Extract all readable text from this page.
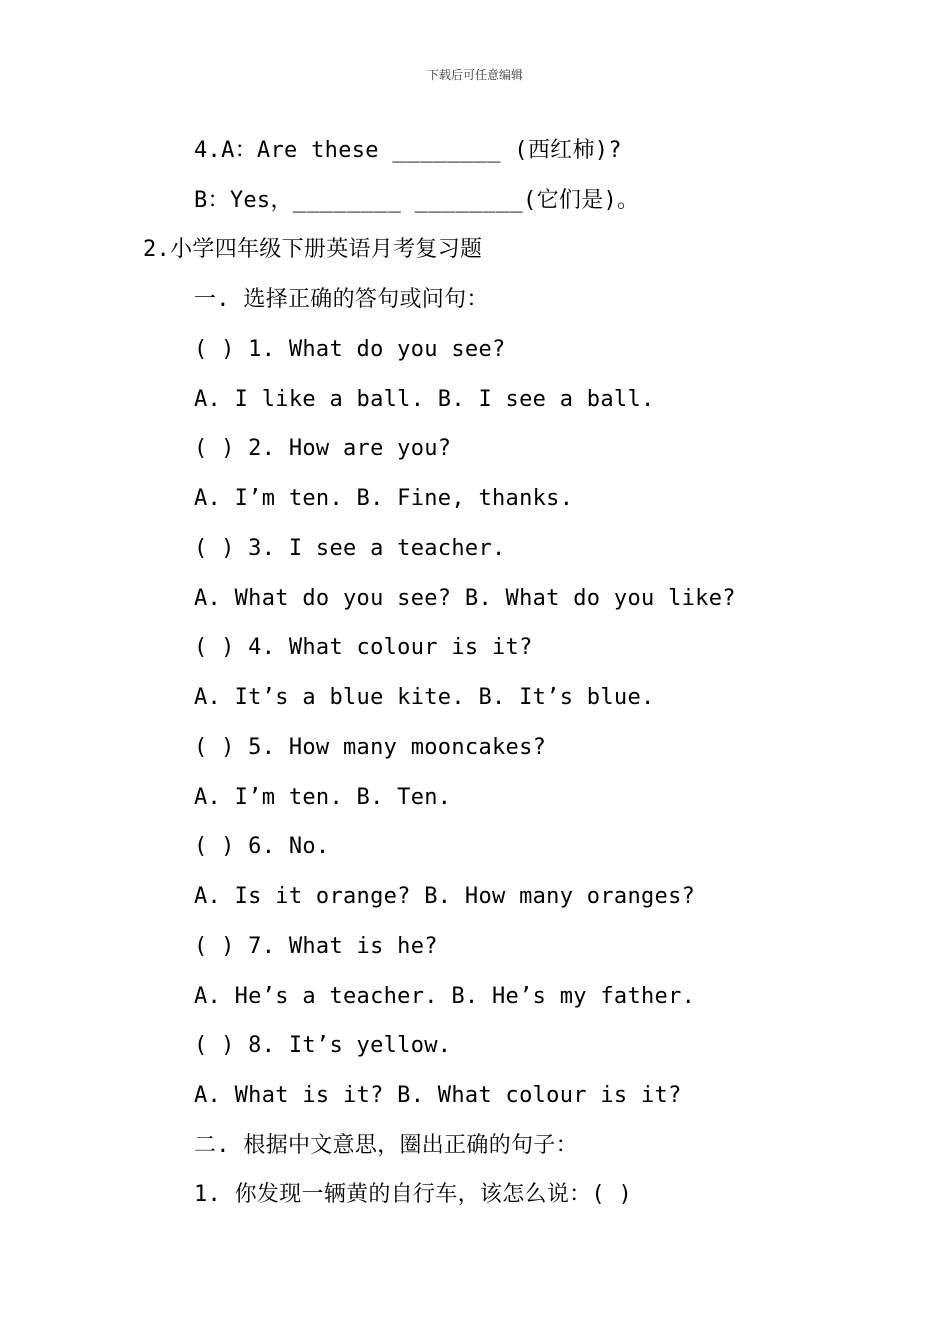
下载后可任意编辑
4.A：Are these ________ (西红柿)?
B：Yes，________ ________(它们是)。
2.小学四年级下册英语月考复习题
一. 选择正确的答句或问句：
( ) 1. What do you see?
A. I like a ball. B. I see a ball.
( ) 2. How are you?
A. I’m ten. B. Fine, thanks.
( ) 3. I see a teacher.
A. What do you see? B. What do you like?
( ) 4. What colour is it?
A. It’s a blue kite. B. It’s blue.
( ) 5. How many mooncakes?
A. I’m ten. B. Ten.
( ) 6. No.
A. Is it orange? B. How many oranges?
( ) 7. What is he?
A. He’s a teacher. B. He’s my father.
( ) 8. It’s yellow.
A. What is it? B. What colour is it?
二. 根据中文意思，圈出正确的句子：
1. 你发现一辆黄的自行车，该怎么说：( )
